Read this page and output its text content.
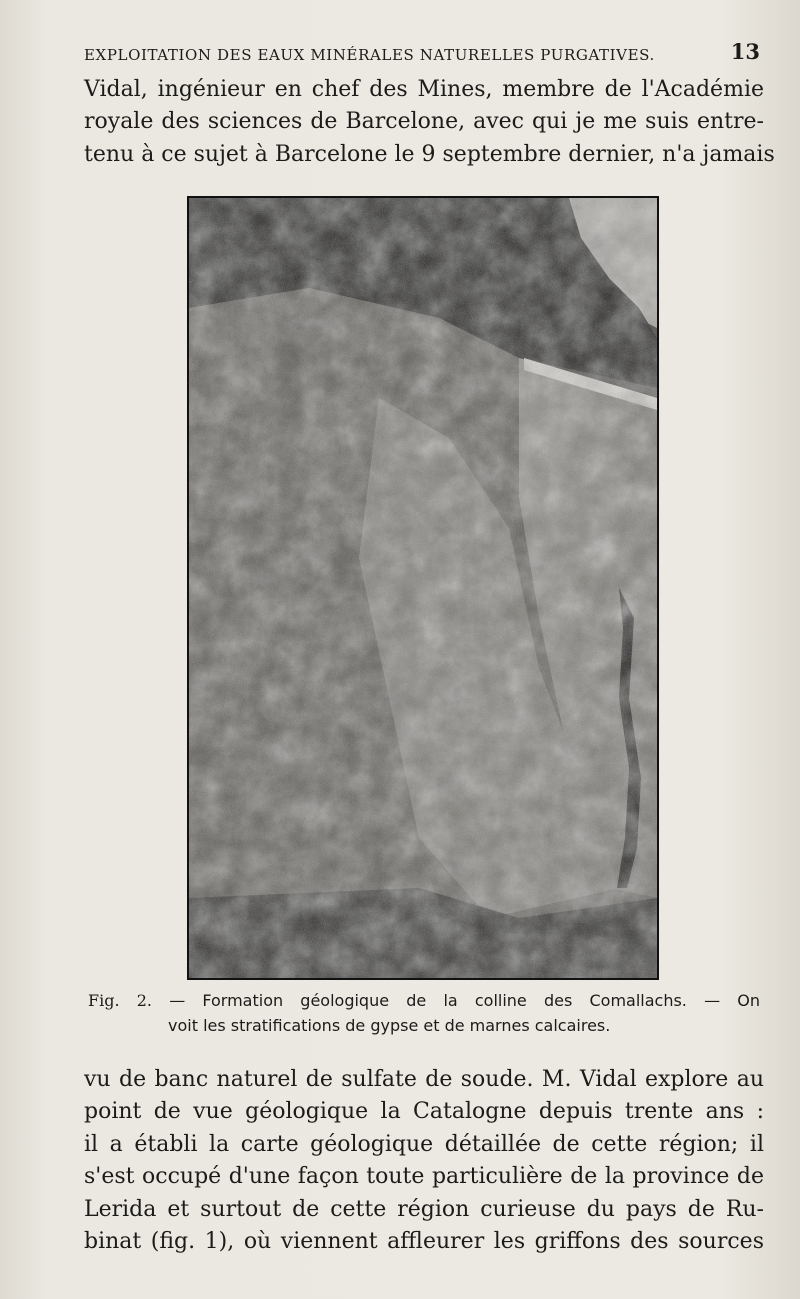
EXPLOITATION DES EAUX MINÉRALES NATURELLES PURGATIVES.	13
Vidal, ingénieur en chef des Mines, membre de l'Académie
royale des sciences de Barcelone, avec qui je me suis entre-
tenu à ce sujet à Barcelone le 9 septembre dernier, n'a jamais
Fig. 2. — Formation géologique de la colline des Comallachs. — On
voit les stratifications de gypse et de marnes calcaires.
vu de banc naturel de sulfate de soude. M. Vidal explore au
point de vue géologique la Catalogne depuis trente ans :
il a établi la carte géologique détaillée de cette région; il
s'est occupé d'une façon toute particulière de la province de
Lerida et surtout de cette région curieuse du pays de Ru-
binat (fig. 1), où viennent affleurer les griffons des sources
